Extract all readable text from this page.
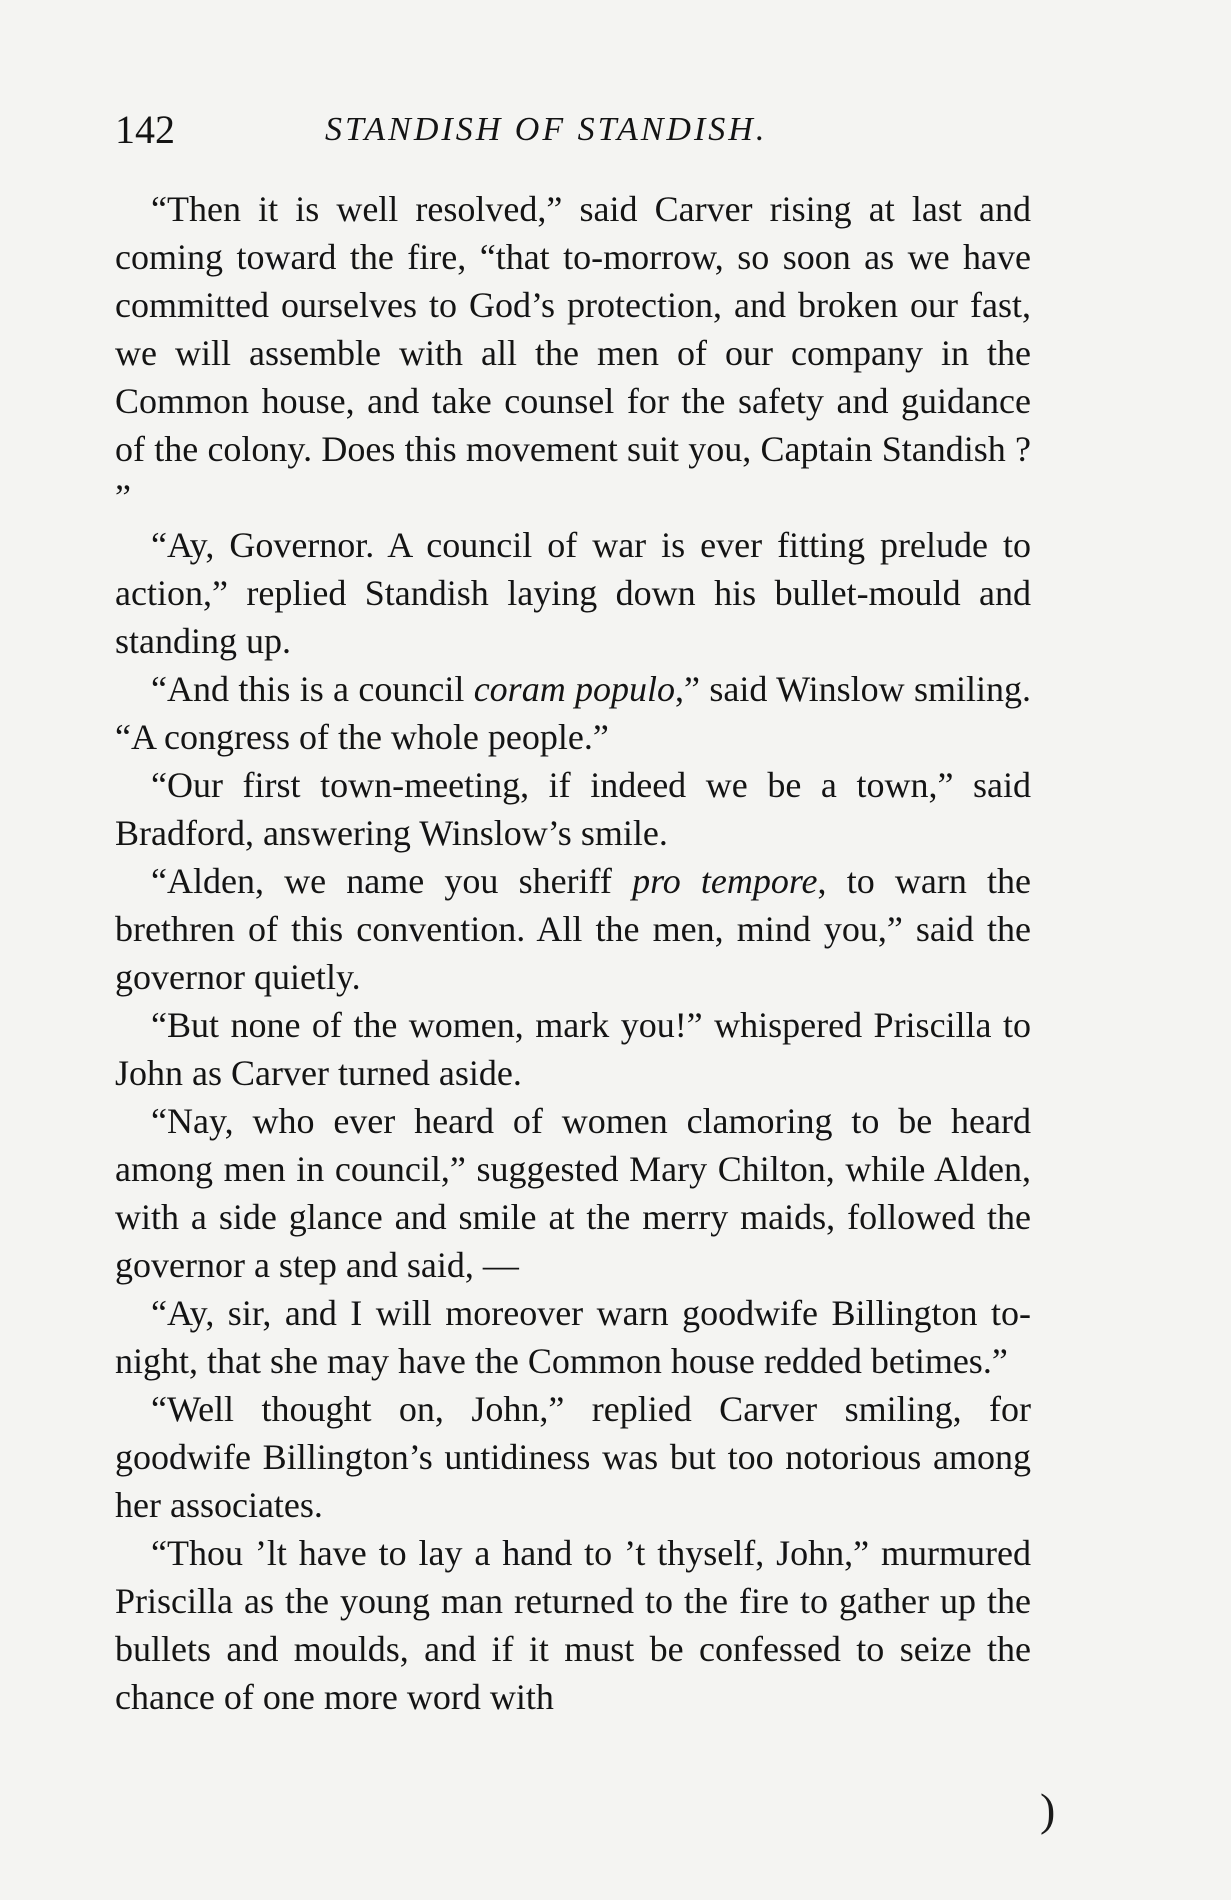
142	STANDISH OF STANDISH.

“Then it is well resolved,” said Carver rising at last and coming toward the fire, “that to-morrow, so soon as we have committed ourselves to God’s protection, and broken our fast, we will assemble with all the men of our company in the Common house, and take counsel for the safety and guidance of the colony. Does this movement suit you, Captain Standish ? ”

“Ay, Governor. A council of war is ever fitting prelude to action,” replied Standish laying down his bullet-mould and standing up.

“And this is a council coram populo,” said Winslow smiling. “A congress of the whole people.”

“Our first town-meeting, if indeed we be a town,” said Bradford, answering Winslow’s smile.

“Alden, we name you sheriff pro tempore, to warn the brethren of this convention. All the men, mind you,” said the governor quietly.

“But none of the women, mark you!” whispered Priscilla to John as Carver turned aside.

“Nay, who ever heard of women clamoring to be heard among men in council,” suggested Mary Chilton, while Alden, with a side glance and smile at the merry maids, followed the governor a step and said, —

“Ay, sir, and I will moreover warn goodwife Billington to-night, that she may have the Common house redded betimes.”

“Well thought on, John,” replied Carver smiling, for goodwife Billington’s untidiness was but too notorious among her associates.

“Thou ’lt have to lay a hand to ’t thyself, John,” murmured Priscilla as the young man returned to the fire to gather up the bullets and moulds, and if it must be confessed to seize the chance of one more word with

)
